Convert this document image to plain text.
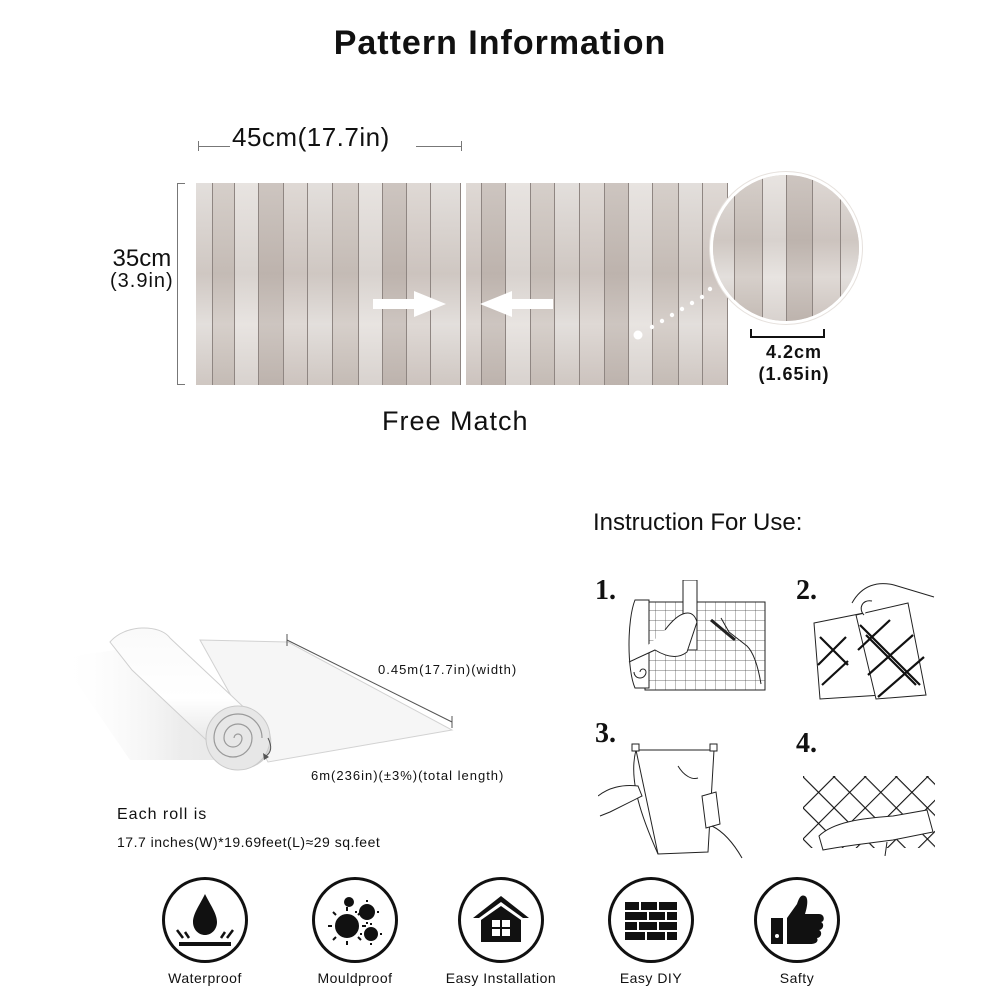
Pattern Information
45cm(17.7in)
35cm
(3.9in)
4.2cm
(1.65in)
Free Match
0.45m(17.7in)(width)
6m(236in)(±3%)(total length)
Each roll is
17.7 inches(W)*19.69feet(L)≈29 sq.feet
Instruction For Use:
1.	2.
3.	4.
Waterproof	Mouldproof	Easy Installation	Easy DIY	Safty
